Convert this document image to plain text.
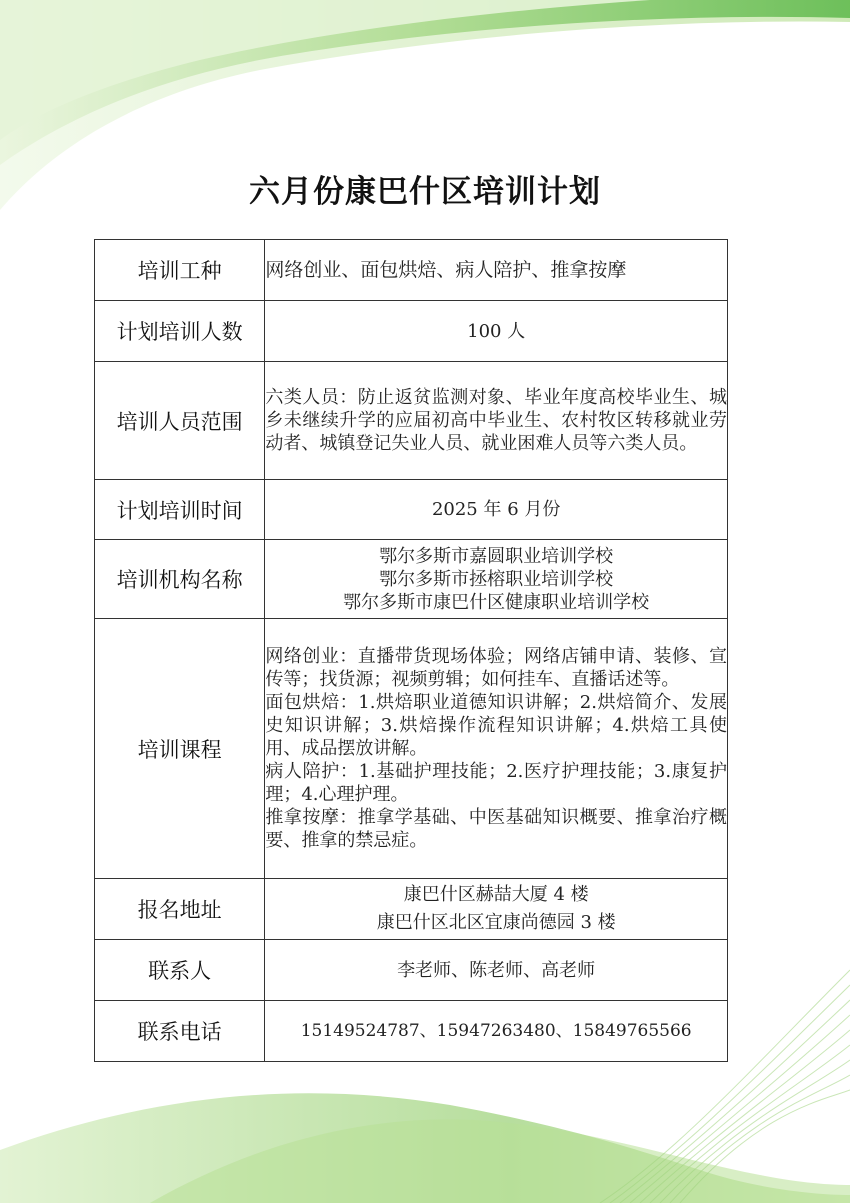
六月份康巴什区培训计划
培训工种	网络创业、面包烘焙、病人陪护、推拿按摩
计划培训人数	100 人
培训人员范围	六类人员：防止返贫监测对象、毕业年度高校毕业生、城乡未继续升学的应届初高中毕业生、农村牧区转移就业劳动者、城镇登记失业人员、就业困难人员等六类人员。
计划培训时间	2025 年 6 月份
培训机构名称	鄂尔多斯市嘉圆职业培训学校
鄂尔多斯市拯榕职业培训学校
鄂尔多斯市康巴什区健康职业培训学校

培训课程	网络创业：直播带货现场体验；网络店铺申请、装修、宣传等；找货源；视频剪辑；如何挂车、直播话述等。
面包烘焙：1.烘焙职业道德知识讲解；2.烘焙简介、发展史知识讲解；3.烘焙操作流程知识讲解；4.烘焙工具使用、成品摆放讲解。
病人陪护：1.基础护理技能；2.医疗护理技能；3.康复护理；4.心理护理。
推拿按摩：推拿学基础、中医基础知识概要、推拿治疗概要、推拿的禁忌症。

报名地址	康巴什区赫喆大厦 4 楼
康巴什区北区宜康尚德园 3 楼

联系人	李老师、陈老师、高老师
联系电话	15149524787、15947263480、15849765566
